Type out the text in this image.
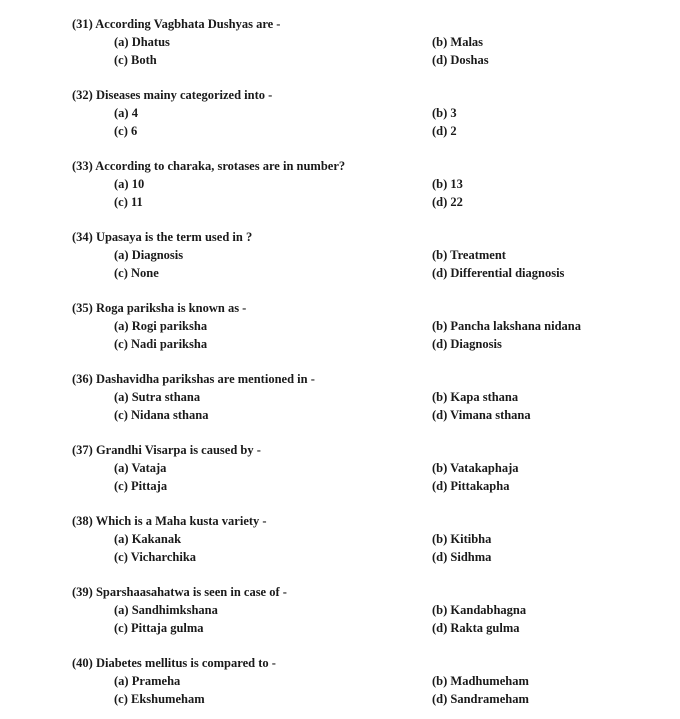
(31) According Vagbhata Dushyas are -
(a) Dhatus	(b) Malas
(c) Both	(d) Doshas
(32) Diseases mainy categorized into -
(a) 4	(b) 3
(c) 6	(d) 2
(33) According to charaka, srotases are in number?
(a) 10	(b) 13
(c) 11	(d) 22
(34) Upasaya is the term used in ?
(a) Diagnosis	(b) Treatment
(c) None	(d) Differential diagnosis
(35) Roga pariksha is known as -
(a) Rogi pariksha	(b) Pancha lakshana nidana
(c) Nadi pariksha	(d) Diagnosis
(36) Dashavidha parikshas are mentioned in -
(a) Sutra sthana	(b) Kapa sthana
(c) Nidana sthana	(d) Vimana sthana
(37) Grandhi Visarpa is caused by -
(a) Vataja	(b) Vatakaphaja
(c) Pittaja	(d) Pittakapha
(38) Which is a Maha kusta variety -
(a) Kakanak	(b) Kitibha
(c) Vicharchika	(d) Sidhma
(39) Sparshaasahatwa is seen in case of -
(a) Sandhimkshana	(b) Kandabhagna
(c) Pittaja gulma	(d) Rakta gulma
(40) Diabetes mellitus is compared to -
(a) Prameha	(b) Madhumeham
(c) Ekshumeham	(d) Sandrameham
